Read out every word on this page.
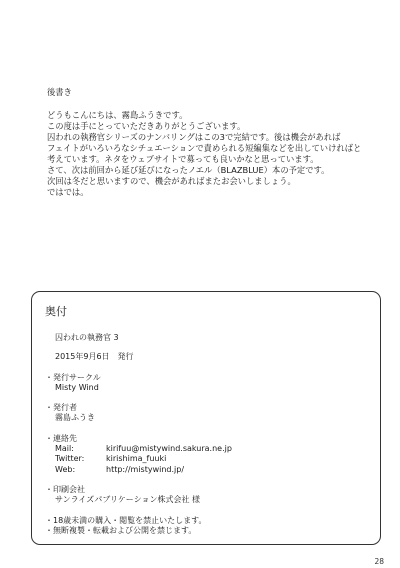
後書き
どうもこんにちは、霧島ふうきです。
この度は手にとっていただきありがとうございます。
囚われの執務官シリーズのナンバリングはこの3で完結です。後は機会があれば
フェイトがいろいろなシチュエーションで責められる短編集などを出していければと
考えています。ネタをウェブサイトで募っても良いかなと思っています。
さて、次は前回から延び延びになったノエル（BLAZBLUE）本の予定です。
次回は冬だと思いますので、機会があればまたお会いしましょう。
ではでは。
奥付
囚われの執務官 3
2015年9月6日　発行
・発行サークル
Misty Wind
・発行者
霧島ふうき
・連絡先
Mail:	kirifuu@mistywind.sakura.ne.jp
Twitter:	kirishima_fuuki
Web:	http://mistywind.jp/
・印刷会社
サンライズパブリケーション株式会社 様
・18歳未満の購入・閲覧を禁止いたします。
・無断複製・転載および公開を禁じます。
28
